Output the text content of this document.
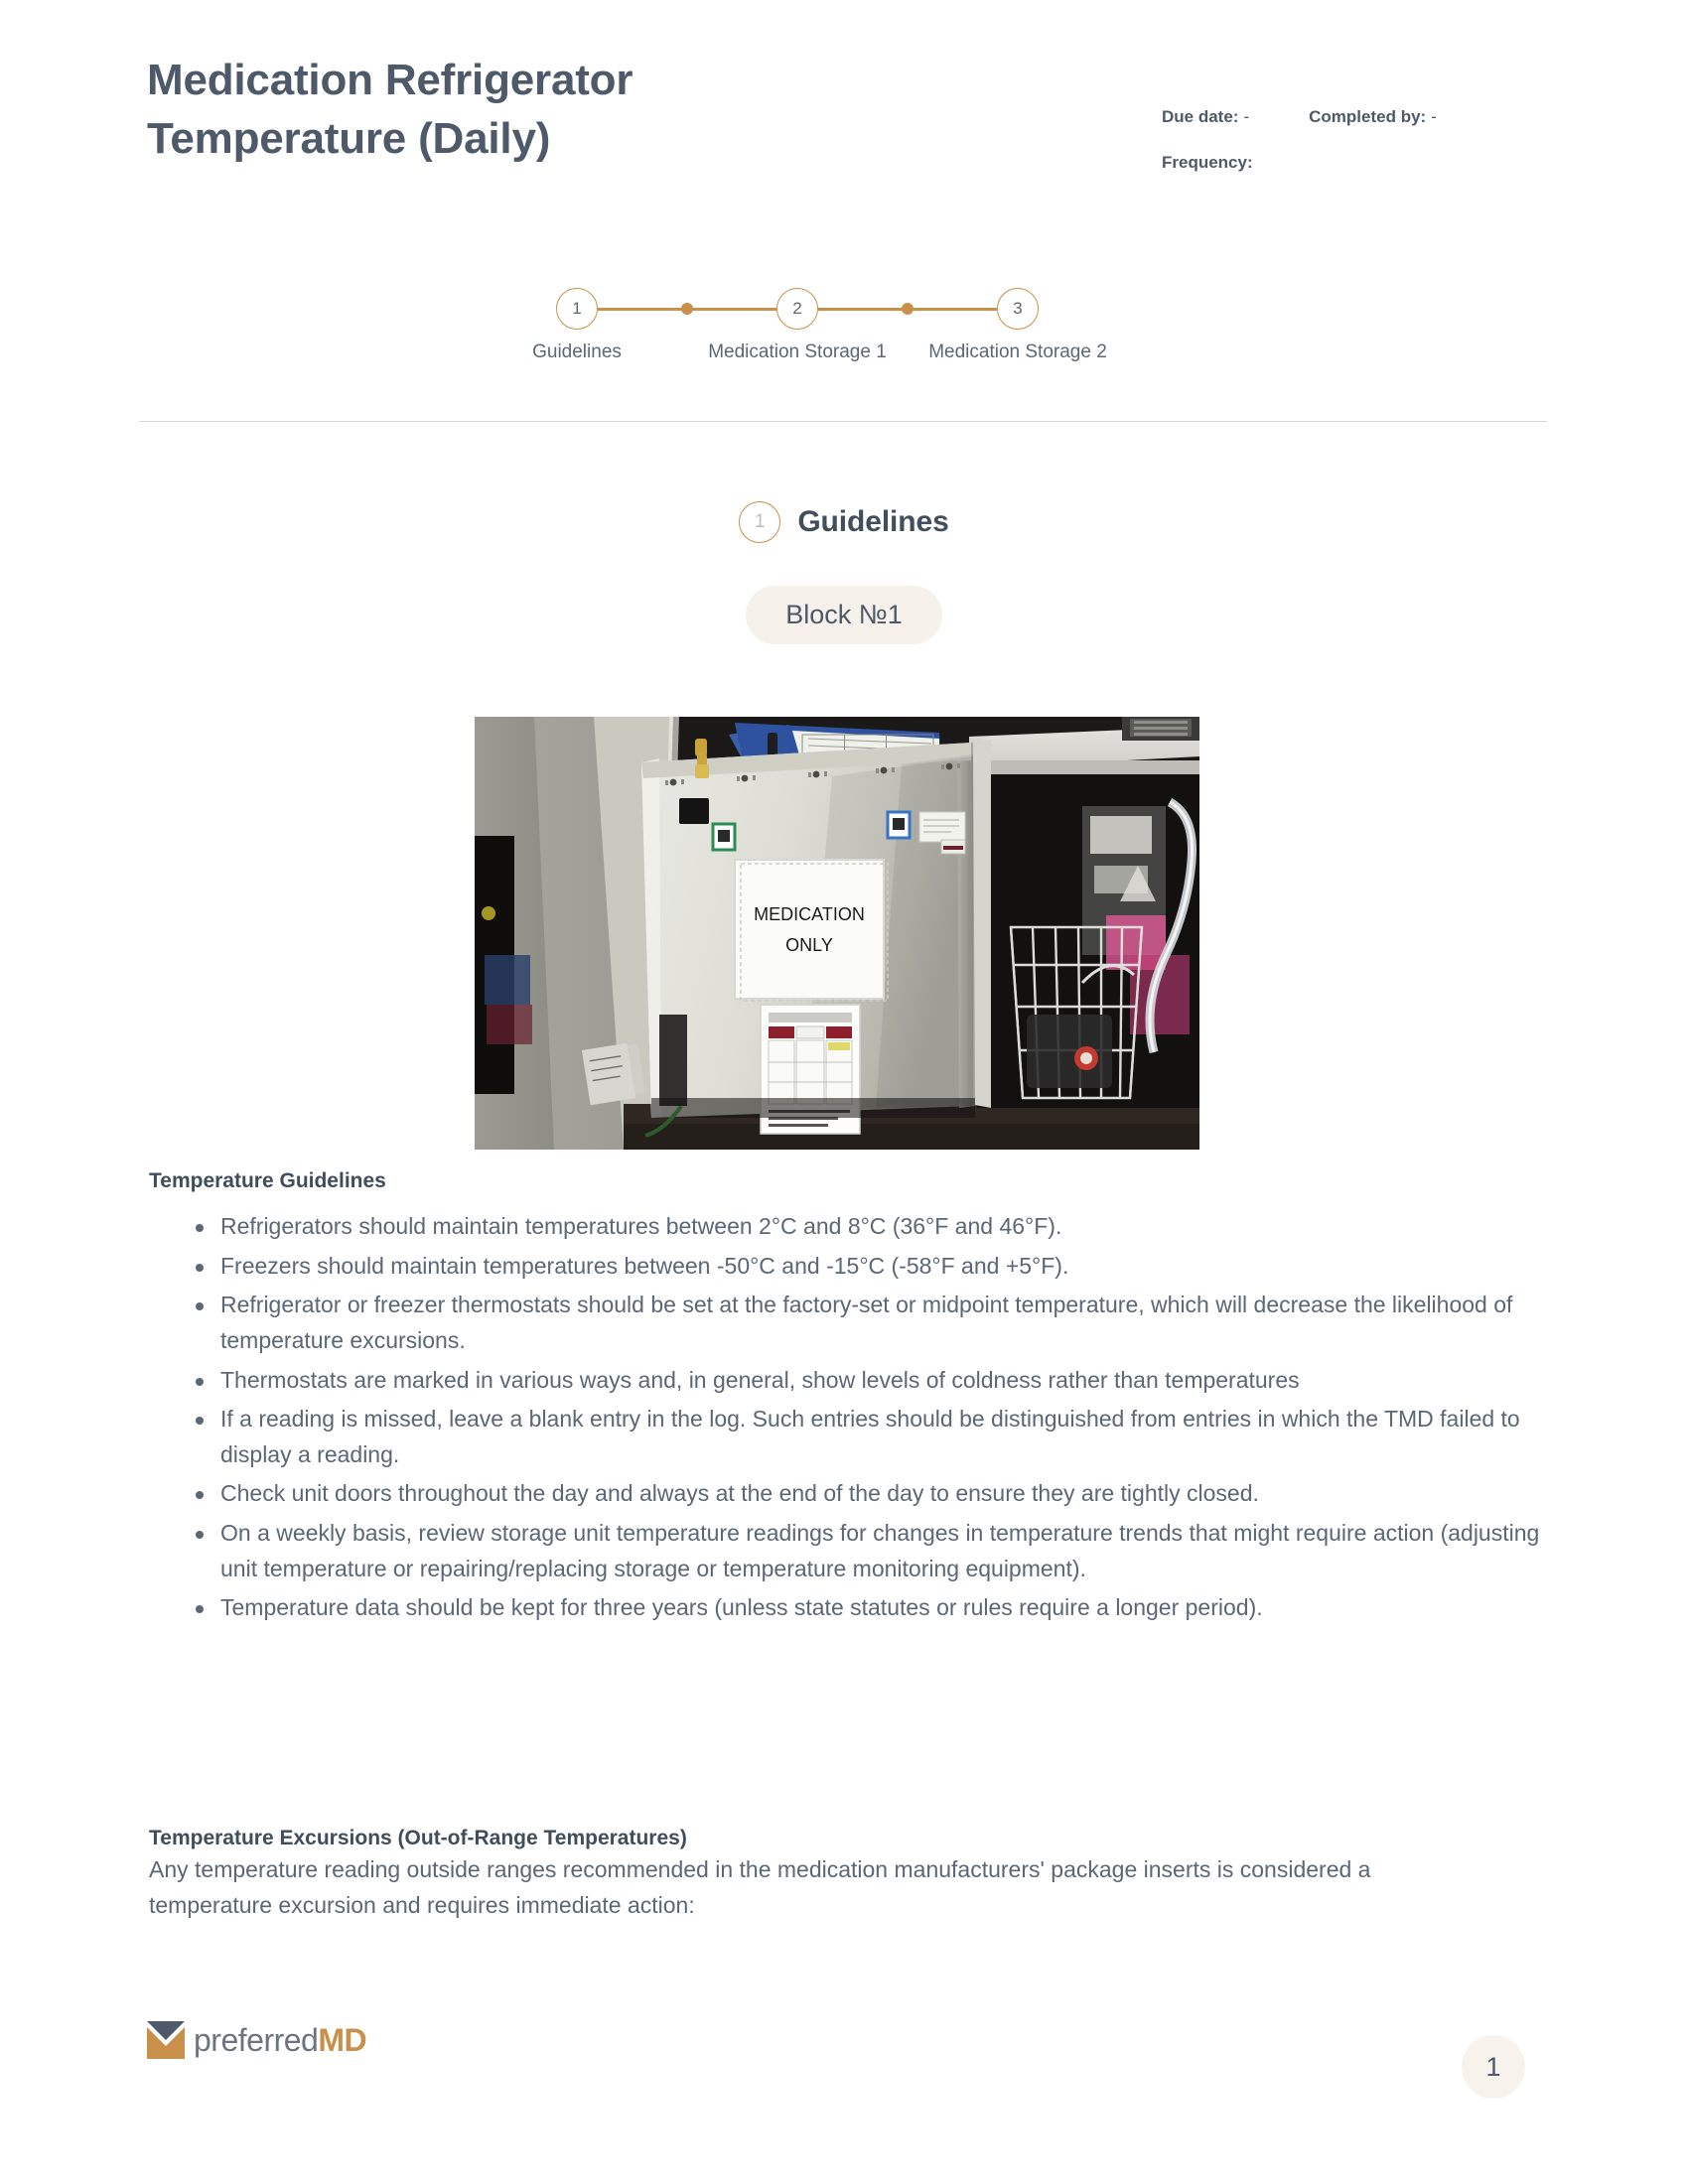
Medication Refrigerator Temperature (Daily)	Due date: -	Completed by: -
Frequency:
1	2	3
Guidelines	Medication Storage 1	Medication Storage 2
1	Guidelines
Block №1
MEDICATION
ONLY
Temperature Guidelines
Refrigerators should maintain temperatures between 2°C and 8°C (36°F and 46°F).
Freezers should maintain temperatures between -50°C and -15°C (-58°F and +5°F).
Refrigerator or freezer thermostats should be set at the factory-set or midpoint temperature, which will decrease the likelihood of temperature excursions.
Thermostats are marked in various ways and, in general, show levels of coldness rather than temperatures
If a reading is missed, leave a blank entry in the log. Such entries should be distinguished from entries in which the TMD failed to display a reading.
Check unit doors throughout the day and always at the end of the day to ensure they are tightly closed.
On a weekly basis, review storage unit temperature readings for changes in temperature trends that might require action (adjusting unit temperature or repairing/replacing storage or temperature monitoring equipment).
Temperature data should be kept for three years (unless state statutes or rules require a longer period).
Temperature Excursions (Out-of-Range Temperatures)

Any temperature reading outside ranges recommended in the medication manufacturers' package inserts is considered a

temperature excursion and requires immediate action:

preferredMD
1
